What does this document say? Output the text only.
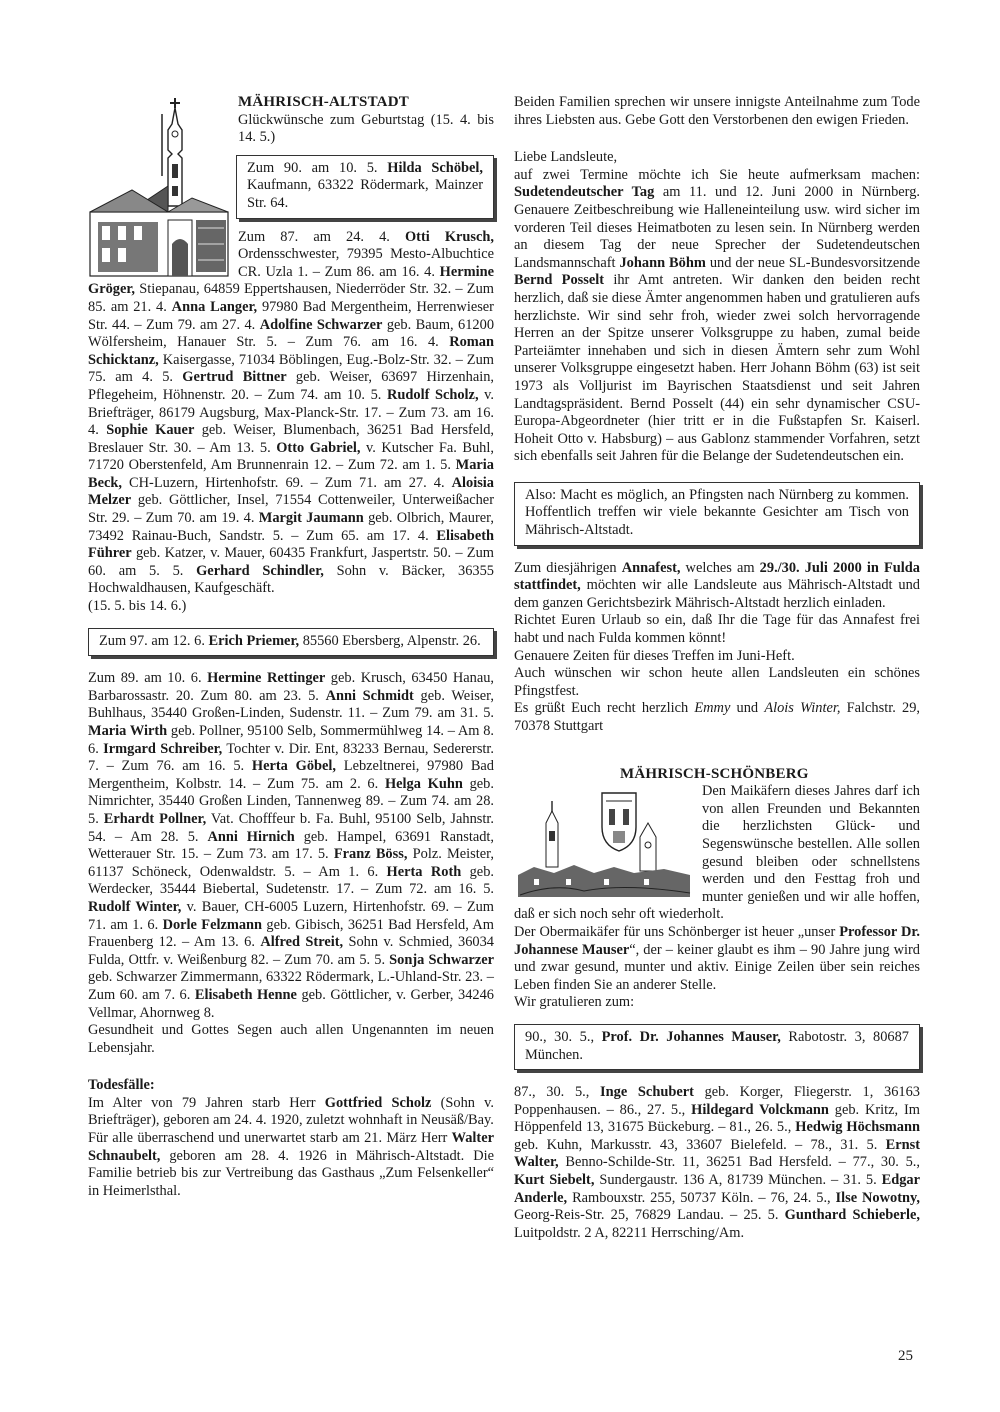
MÄHRISCH-ALTSTADT

Glückwünsche zum Geburtstag (15. 4. bis 14. 5.)

Zum 90. am 10. 5. Hilda Schöbel, Kaufmann, 63322 Rödermark, Mainzer Str. 64.

Zum 87. am 24. 4. Otti Krusch, Ordensschwester, 79395 Mesto-Albuchtice CR. Uzla 1. – Zum 86. am 16. 4. Hermine Gröger, Stiepanau, 64859 Eppertshausen, Niederröder Str. 32. – Zum 85. am 21. 4. Anna Langer, 97980 Bad Mergentheim, Herrenwieser Str. 44. – Zum 79. am 27. 4. Adolfine Schwarzer geb. Baum, 61200 Wölfersheim, Hanauer Str. 5. – Zum 76. am 16. 4. Roman Schicktanz, Kaisergasse, 71034 Böblingen, Eug.-Bolz-Str. 32. – Zum 75. am 4. 5. Gertrud Bittner geb. Weiser, 63697 Hirzenhain, Pflegeheim, Höhnenstr. 20. – Zum 74. am 10. 5. Rudolf Scholz, v. Briefträger, 86179 Augsburg, Max-Planck-Str. 17. – Zum 73. am 16. 4. Sophie Kauer geb. Weiser, Blumenbach, 36251 Bad Hersfeld, Breslauer Str. 30. – Am 13. 5. Otto Gabriel, v. Kutscher Fa. Buhl, 71720 Oberstenfeld, Am Brunnenrain 12. – Zum 72. am 1. 5. Maria Beck, CH-Luzern, Hirtenhofstr. 69. – Zum 71. am 27. 4. Aloisia Melzer geb. Göttlicher, Insel, 71554 Cottenweiler, Unterweißacher Str. 29. – Zum 70. am 19. 4. Margit Jaumann geb. Olbrich, Maurer, 73492 Rainau-Buch, Sandstr. 5. – Zum 65. am 17. 4. Elisabeth Führer geb. Katzer, v. Mauer, 60435 Frankfurt, Jaspertstr. 50. – Zum 60. am 5. 5. Gerhard Schindler, Sohn v. Bäcker, 36355 Hochwaldhausen, Kaufgeschäft.

(15. 5. bis 14. 6.)

Zum 97. am 12. 6. Erich Priemer, 85560 Ebersberg, Alpenstr. 26.

Zum 89. am 10. 6. Hermine Rettinger geb. Krusch, 63450 Hanau, Barbarossastr. 20. Zum 80. am 23. 5. Anni Schmidt geb. Weiser, Buhlhaus, 35440 Großen-Linden, Sudenstr. 11. – Zum 79. am 31. 5. Maria Wirth geb. Pollner, 95100 Selb, Sommermühlweg 14. – Am 8. 6. Irmgard Schreiber, Tochter v. Dir. Ent, 83233 Bernau, Sedererstr. 7. – Zum 76. am 16. 5. Herta Göbel, Lebzeltnerei, 97980 Bad Mergentheim, Kolbstr. 14. – Zum 75. am 2. 6. Helga Kuhn geb. Nimrichter, 35440 Großen Linden, Tannenweg 89. – Zum 74. am 28. 5. Erhardt Pollner, Vat. Chofffeur b. Fa. Buhl, 95100 Selb, Jahnstr. 54. – Am 28. 5. Anni Hirnich geb. Hampel, 63691 Ranstadt, Wetterauer Str. 15. – Zum 73. am 17. 5. Franz Böss, Polz. Meister, 61137 Schöneck, Odenwaldstr. 5. – Am 1. 6. Herta Roth geb. Werdecker, 35444 Biebertal, Sudetenstr. 17. – Zum 72. am 16. 5. Rudolf Winter, v. Bauer, CH-6005 Luzern, Hirtenhofstr. 69. – Zum 71. am 1. 6. Dorle Felzmann geb. Gibisch, 36251 Bad Hersfeld, Am Frauenberg 12. – Am 13. 6. Alfred Streit, Sohn v. Schmied, 36034 Fulda, Ottfr. v. Weißenburg 82. – Zum 70. am 5. 5. Sonja Schwarzer geb. Schwarzer Zimmermann, 63322 Rödermark, L.-Uhland-Str. 23. – Zum 60. am 7. 6. Elisabeth Henne geb. Göttlicher, v. Gerber, 34246 Vellmar, Ahornweg 8.

Gesundheit und Gottes Segen auch allen Ungenannten im neuen Lebensjahr.

Todesfälle:

Im Alter von 79 Jahren starb Herr Gottfried Scholz (Sohn v. Briefträger), geboren am 24. 4. 1920, zuletzt wohnhaft in Neusäß/Bay.

Für alle überraschend und unerwartet starb am 21. März Herr Walter Schnaubelt, geboren am 28. 4. 1926 in Mährisch-Altstadt. Die Familie betrieb bis zur Vertreibung das Gasthaus „Zum Felsenkeller“ in Heimerlsthal.

Beiden Familien sprechen wir unsere innigste Anteilnahme zum Tode ihres Liebsten aus. Gebe Gott den Verstorbenen den ewigen Frieden.

Liebe Landsleute,

auf zwei Termine möchte ich Sie heute aufmerksam machen: Sudetendeutscher Tag am 11. und 12. Juni 2000 in Nürnberg. Genauere Zeitbeschreibung wie Halleneinteilung usw. wird sicher im vorderen Teil dieses Heimatboten zu lesen sein. In Nürnberg werden an diesem Tag der neue Sprecher der Sudetendeutschen Landsmannschaft Johann Böhm und der neue SL-Bundesvorsitzende Bernd Posselt ihr Amt antreten. Wir danken den beiden recht herzlich, daß sie diese Ämter angenommen haben und gratulieren aufs herzlichste. Wir sind sehr froh, wieder zwei solch hervorragende Herren an der Spitze unserer Volksgruppe zu haben, zumal beide Parteiämter innehaben und sich in diesen Ämtern sehr zum Wohl unserer Volksgruppe eingesetzt haben. Herr Johann Böhm (63) ist seit 1973 als Volljurist im Bayrischen Staatsdienst und seit Jahren Landtagspräsident. Bernd Posselt (44) ein sehr dynamischer CSU-Europa-Abgeordneter (hier tritt er in die Fußstapfen Sr. Kaiserl. Hoheit Otto v. Habsburg) – aus Gablonz stammender Vorfahren, setzt sich ebenfalls seit Jahren für die Belange der Sudetendeutschen ein.

Also: Macht es möglich, an Pfingsten nach Nürnberg zu kommen. Hoffentlich treffen wir viele bekannte Gesichter am Tisch von Mährisch-Altstadt.

Zum diesjährigen Annafest, welches am 29./30. Juli 2000 in Fulda stattfindet, möchten wir alle Landsleute aus Mährisch-Altstadt und dem ganzen Gerichtsbezirk Mährisch-Altstadt herzlich einladen.

Richtet Euren Urlaub so ein, daß Ihr die Tage für das Annafest frei habt und nach Fulda kommen könnt!

Genauere Zeiten für dieses Treffen im Juni-Heft.

Auch wünschen wir schon heute allen Landsleuten ein schönes Pfingstfest.

Es grüßt Euch recht herzlich Emmy und Alois Winter, Falchstr. 29, 70378 Stuttgart

MÄHRISCH-SCHÖNBERG

Den Maikäfern dieses Jahres darf ich von allen Freunden und Bekannten die herzlichsten Glück- und Segenswünsche bestellen. Alle sollen gesund bleiben oder schnellstens werden und den Festtag froh und munter genießen und wir alle hoffen, daß er sich noch sehr oft wiederholt.

Der Obermaikäfer für uns Schönberger ist heuer „unser Professor Dr. Johannese Mauser“, der – keiner glaubt es ihm – 90 Jahre jung wird und zwar gesund, munter und aktiv. Einige Zeilen über sein reiches Leben finden Sie an anderer Stelle.

Wir gratulieren zum:

90., 30. 5., Prof. Dr. Johannes Mauser, Rabotostr. 3, 80687 München.

87., 30. 5., Inge Schubert geb. Korger, Fliegerstr. 1, 36163 Poppenhausen. – 86., 27. 5., Hildegard Volckmann geb. Kritz, Im Höppenfeld 13, 31675 Bückeburg. – 81., 26. 5., Hedwig Höchsmann geb. Kuhn, Markusstr. 43, 33607 Bielefeld. – 78., 31. 5. Ernst Walter, Benno-Schilde-Str. 11, 36251 Bad Hersfeld. – 77., 30. 5., Kurt Siebelt, Sundergaustr. 136 A, 81739 München. – 31. 5. Edgar Anderle, Rambouxstr. 255, 50737 Köln. – 76, 24. 5., Ilse Nowotny, Georg-Reis-Str. 25, 76829 Landau. – 25. 5. Gunthard Schieberle, Luitpoldstr. 2 A, 82211 Herrsching/Am.

25
